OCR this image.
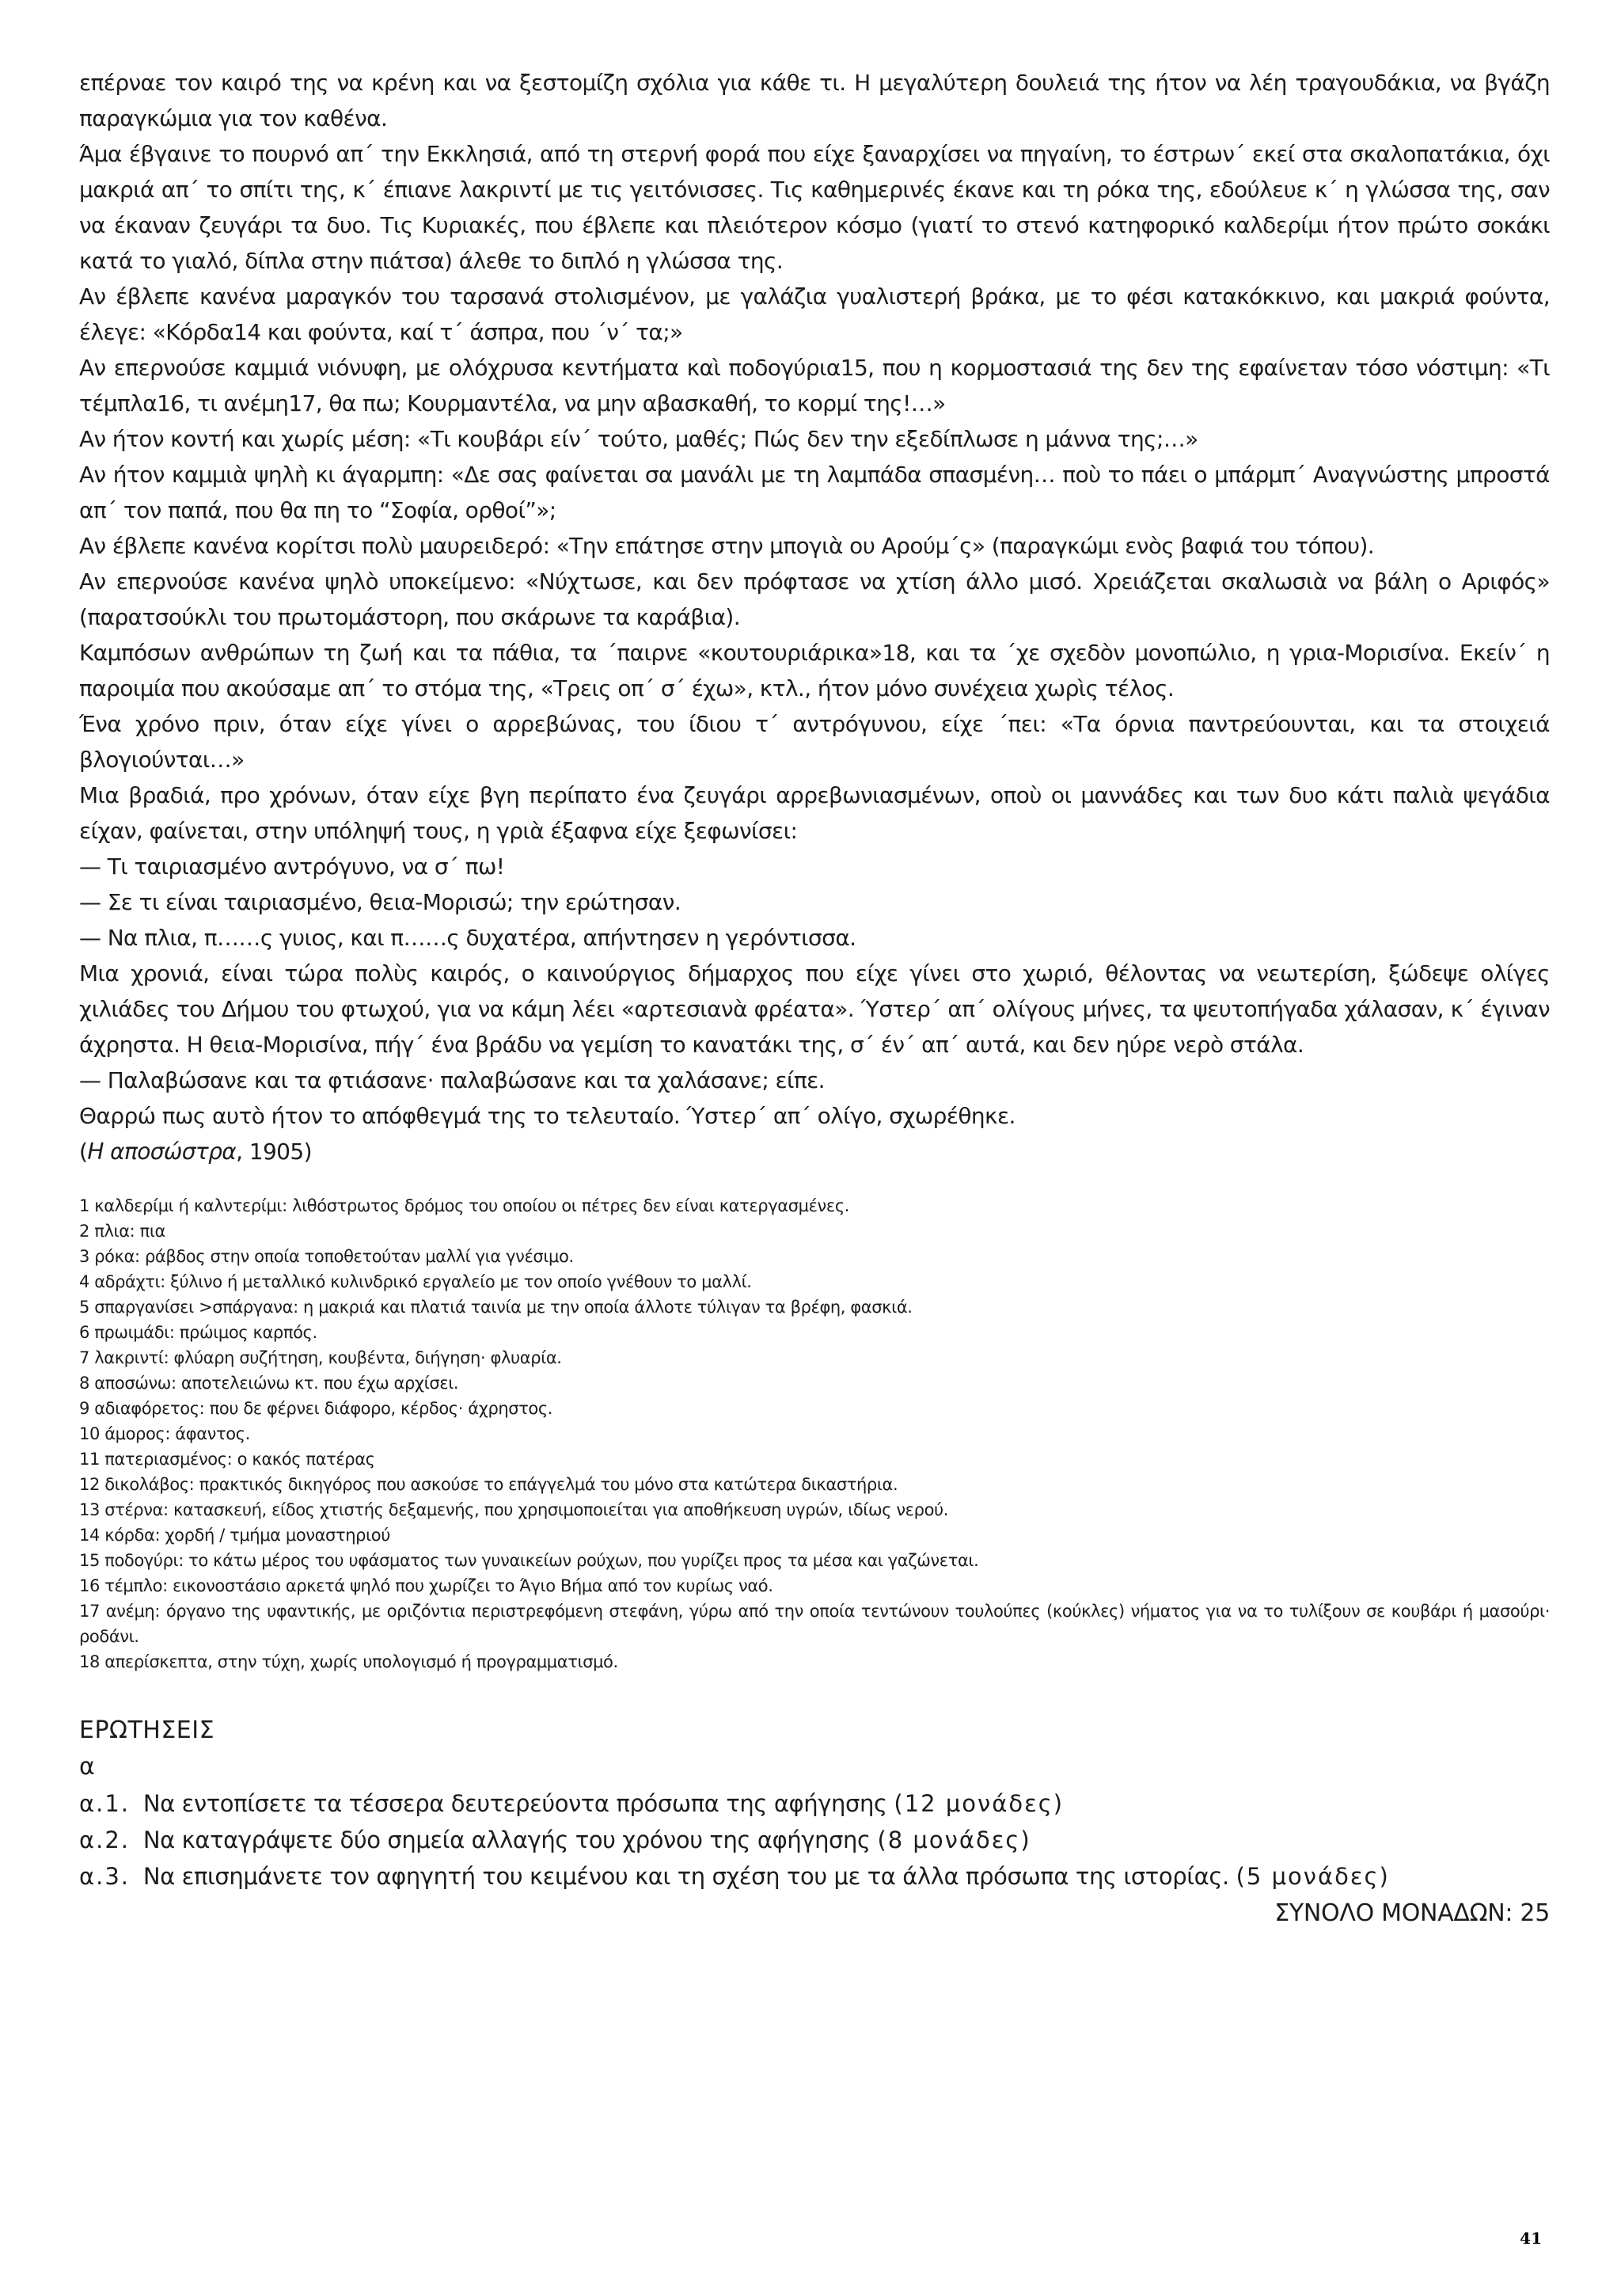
επέρναε τον καιρό της να κρένη και να ξεστομίζη σχόλια για κάθε τι. Η μεγαλύτερη δουλειά της ήτον να λέη τραγουδάκια, να βγάζη παραγκώμια για τον καθένα.

Άμα έβγαινε το πουρνό απ΄ την Εκκλησιά, από τη στερνή φορά που είχε ξαναρχίσει να πηγαίνη, το έστρων΄ εκεί στα σκαλοπατάκια, όχι μακριά απ΄ το σπίτι της, κ΄ έπιανε λακριντί με τις γειτόνισσες. Τις καθημερινές έκανε και τη ρόκα της, εδούλευε κ΄ η γλώσσα της, σαν να έκαναν ζευγάρι τα δυο. Τις Κυριακές, που έβλεπε και πλειότερον κόσμο (γιατί το στενό κατηφορικό καλδερίμι ήτον πρώτο σοκάκι κατά το γιαλό, δίπλα στην πιάτσα) άλεθε το διπλό η γλώσσα της.

Αν έβλεπε κανένα μαραγκόν του ταρσανά στολισμένον, με γαλάζια γυαλιστερή βράκα, με το φέσι κατακόκκινο, και μακριά φούντα, έλεγε: «Κόρδα14 και φούντα, καί τ΄ άσπρα, που ΄ν΄ τα;»

Αν επερνούσε καμμιά νιόνυφη, με ολόχρυσα κεντήματα καὶ ποδογύρια15, που η κορμοστασιά της δεν της εφαίνεταν τόσο νόστιμη: «Τι τέμπλα16, τι ανέμη17, θα πω; Κουρμαντέλα, να μην αβασκαθή, το κορμί της!…»

Αν ήτον κοντή και χωρίς μέση: «Τι κουβάρι είν΄ τούτο, μαθές; Πώς δεν την εξεδίπλωσε η μάννα της;…»

Αν ήτον καμμιὰ ψηλὴ κι άγαρμπη: «Δε σας φαίνεται σα μανάλι με τη λαμπάδα σπασμένη… ποὺ το πάει ο μπάρμπ΄ Αναγνώστης μπροστά απ΄ τον παπά, που θα πη το “Σοφία, ορθοί”»;

Αν έβλεπε κανένα κορίτσι πολὺ μαυρειδερό: «Την επάτησε στην μπογιὰ ου Αρούμ΄ς» (παραγκώμι ενὸς βαφιά του τόπου).

Αν επερνούσε κανένα ψηλὸ υποκείμενο: «Νύχτωσε, και δεν πρόφτασε να χτίση άλλο μισό. Χρειάζεται σκαλωσιὰ να βάλη ο Αριφός» (παρατσούκλι του πρωτομάστορη, που σκάρωνε τα καράβια).

Καμπόσων ανθρώπων τη ζωή και τα πάθια, τα ΄παιρνε «κουτουριάρικα»18, και τα ΄χε σχεδὸν μονοπώλιο, η γρια-Μορισίνα. Εκείν΄ η παροιμία που ακούσαμε απ΄ το στόμα της, «Τρεις οπ΄ σ΄ έχω», κτλ., ήτον μόνο συνέχεια χωρὶς τέλος.

Ένα χρόνο πριν, όταν είχε γίνει ο αρρεβώνας, του ίδιου τ΄ αντρόγυνου, είχε ΄πει: «Τα όρνια παντρεύουνται, και τα στοιχειά βλογιούνται…»

Μια βραδιά, προ χρόνων, όταν είχε βγη περίπατο ένα ζευγάρι αρρεβωνιασμένων, οποὺ οι μαννάδες και των δυο κάτι παλιὰ ψεγάδια είχαν, φαίνεται, στην υπόληψή τους, η γριὰ έξαφνα είχε ξεφωνίσει:

— Τι ταιριασμένο αντρόγυνο, να σ΄ πω!

— Σε τι είναι ταιριασμένο, θεια-Μορισώ; την ερώτησαν.

— Να πλια, π……ς γυιος, και π……ς δυχατέρα, απήντησεν η γερόντισσα.

Μια χρονιά, είναι τώρα πολὺς καιρός, ο καινούργιος δήμαρχος που είχε γίνει στο χωριό, θέλοντας να νεωτερίση, ξώδεψε ολίγες χιλιάδες του Δήμου του φτωχού, για να κάμη λέει «αρτεσιανὰ φρέατα». Ύστερ΄ απ΄ ολίγους μήνες, τα ψευτοπήγαδα χάλασαν, κ΄ έγιναν άχρηστα. Η θεια-Μορισίνα, πήγ΄ ένα βράδυ να γεμίση το κανατάκι της, σ΄ έν΄ απ΄ αυτά, και δεν ηύρε νερὸ στάλα.

— Παλαβώσανε και τα φτιάσανε· παλαβώσανε και τα χαλάσανε; είπε.

Θαρρώ πως αυτὸ ήτον το απόφθεγμά της το τελευταίο. Ύστερ΄ απ΄ ολίγο, σχωρέθηκε.

(Η αποσώστρα, 1905)

1 καλδερίμι ή καλντερίμι: λιθόστρωτος δρόμος του οποίου οι πέτρες δεν είναι κατεργασμένες.

2 πλια: πια

3 ρόκα: ράβδος στην οποία τοποθετούταν μαλλί για γνέσιμο.

4 αδράχτι: ξύλινο ή μεταλλικό κυλινδρικό εργαλείο με τον οποίο γνέθουν το μαλλί.

5 σπαργανίσει >σπάργανα: η μακριά και πλατιά ταινία με την οποία άλλοτε τύλιγαν τα βρέφη, φασκιά.

6 πρωιμάδι: πρώιμος καρπός.

7 λακριντί: φλύαρη συζήτηση, κουβέντα, διήγηση· φλυαρία.

8 αποσώνω: αποτελειώνω κτ. που έχω αρχίσει.

9 αδιαφόρετος: που δε φέρνει διάφορο, κέρδος· άχρηστος.

10 άμορος: άφαντος.

11 πατεριασμένος: ο κακός πατέρας

12 δικολάβος: πρακτικός δικηγόρος που ασκούσε το επάγγελμά του μόνο στα κατώτερα δικαστήρια.

13 στέρνα: κατασκευή, είδος χτιστής δεξαμενής, που χρησιμοποιείται για αποθήκευση υγρών, ιδίως νερού.

14 κόρδα: χορδή / τμήμα μοναστηριού

15 ποδογύρι: το κάτω μέρος του υφάσματος των γυναικείων ρούχων, που γυρίζει προς τα μέσα και γαζώνεται.

16 τέμπλο: εικονοστάσιο αρκετά ψηλό που χωρίζει το Άγιο Βήμα από τον κυρίως ναό.

17 ανέμη: όργανο της υφαντικής, με οριζόντια περιστρεφόμενη στεφάνη, γύρω από την οποία τεντώνουν τουλούπες (κούκλες) νήματος για να το τυλίξουν σε κουβάρι ή μασούρι· ροδάνι.

18 απερίσκεπτα, στην τύχη, χωρίς υπολογισμό ή προγραμματισμό.

ΕΡΩΤΗΣΕΙΣ
α
α.1. Να εντοπίσετε τα τέσσερα δευτερεύοντα πρόσωπα της αφήγησης (12 μονάδες)
α.2. Να καταγράψετε δύο σημεία αλλαγής του χρόνου της αφήγησης (8 μονάδες)
α.3. Να επισημάνετε τον αφηγητή του κειμένου και τη σχέση του με τα άλλα πρόσωπα της ιστορίας. (5 μονάδες)
ΣΥΝΟΛΟ ΜΟΝΑΔΩΝ: 25
41
